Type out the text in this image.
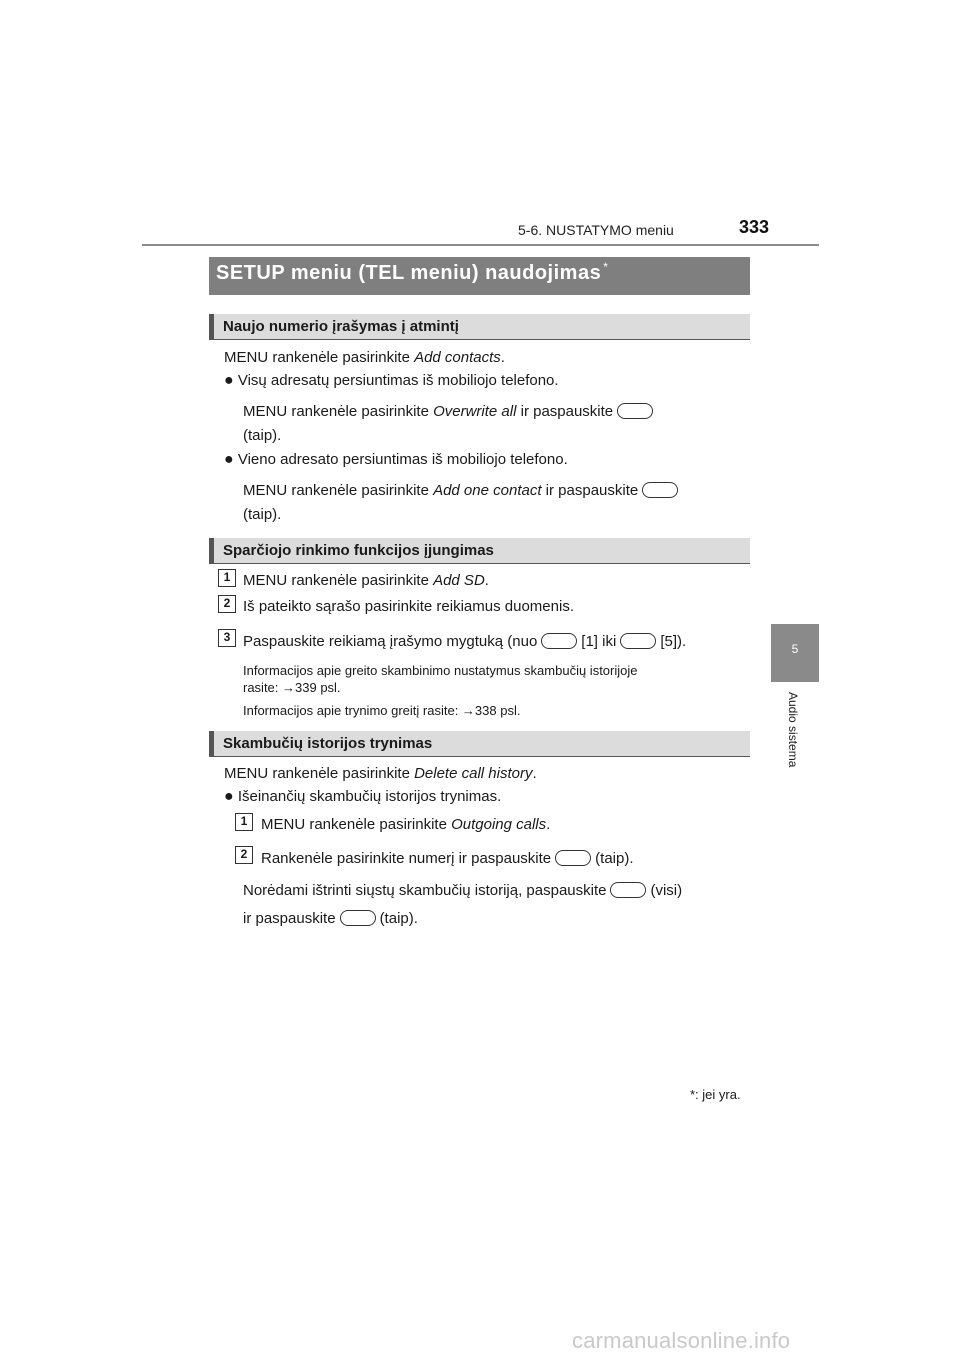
5-6. NUSTATYMO meniu	333
5
Audio sistema
SETUP meniu (TEL meniu) naudojimas *
Naujo numerio įrašymas į atmintį
MENU rankenėle pasirinkite Add contacts.
● Visų adresatų persiuntimas iš mobiliojo telefono.
MENU rankenėle pasirinkite Overwrite all ir paspauskite
(taip).
● Vieno adresato persiuntimas iš mobiliojo telefono.
MENU rankenėle pasirinkite Add one contact ir paspauskite
(taip).
Sparčiojo rinkimo funkcijos įjungimas
1 MENU rankenėle pasirinkite Add SD.
2 Iš pateikto sąrašo pasirinkite reikiamus duomenis.
3 Paspauskite reikiamą įrašymo mygtuką (nuo	[1] iki	[5]).
Informacijos apie greito skambinimo nustatymus skambučių istorijoje
rasite: →339 psl.
Informacijos apie trynimo greitį rasite: →338 psl.
Skambučių istorijos trynimas
MENU rankenėle pasirinkite Delete call history.
● Išeinančių skambučių istorijos trynimas.
1 MENU rankenėle pasirinkite Outgoing calls.
2 Rankenėle pasirinkite numerį ir paspauskite	(taip).
Norėdami ištrinti siųstų skambučių istoriją, paspauskite	(visi)
ir paspauskite	(taip).
*: jei yra.
carmanualsonline.info
